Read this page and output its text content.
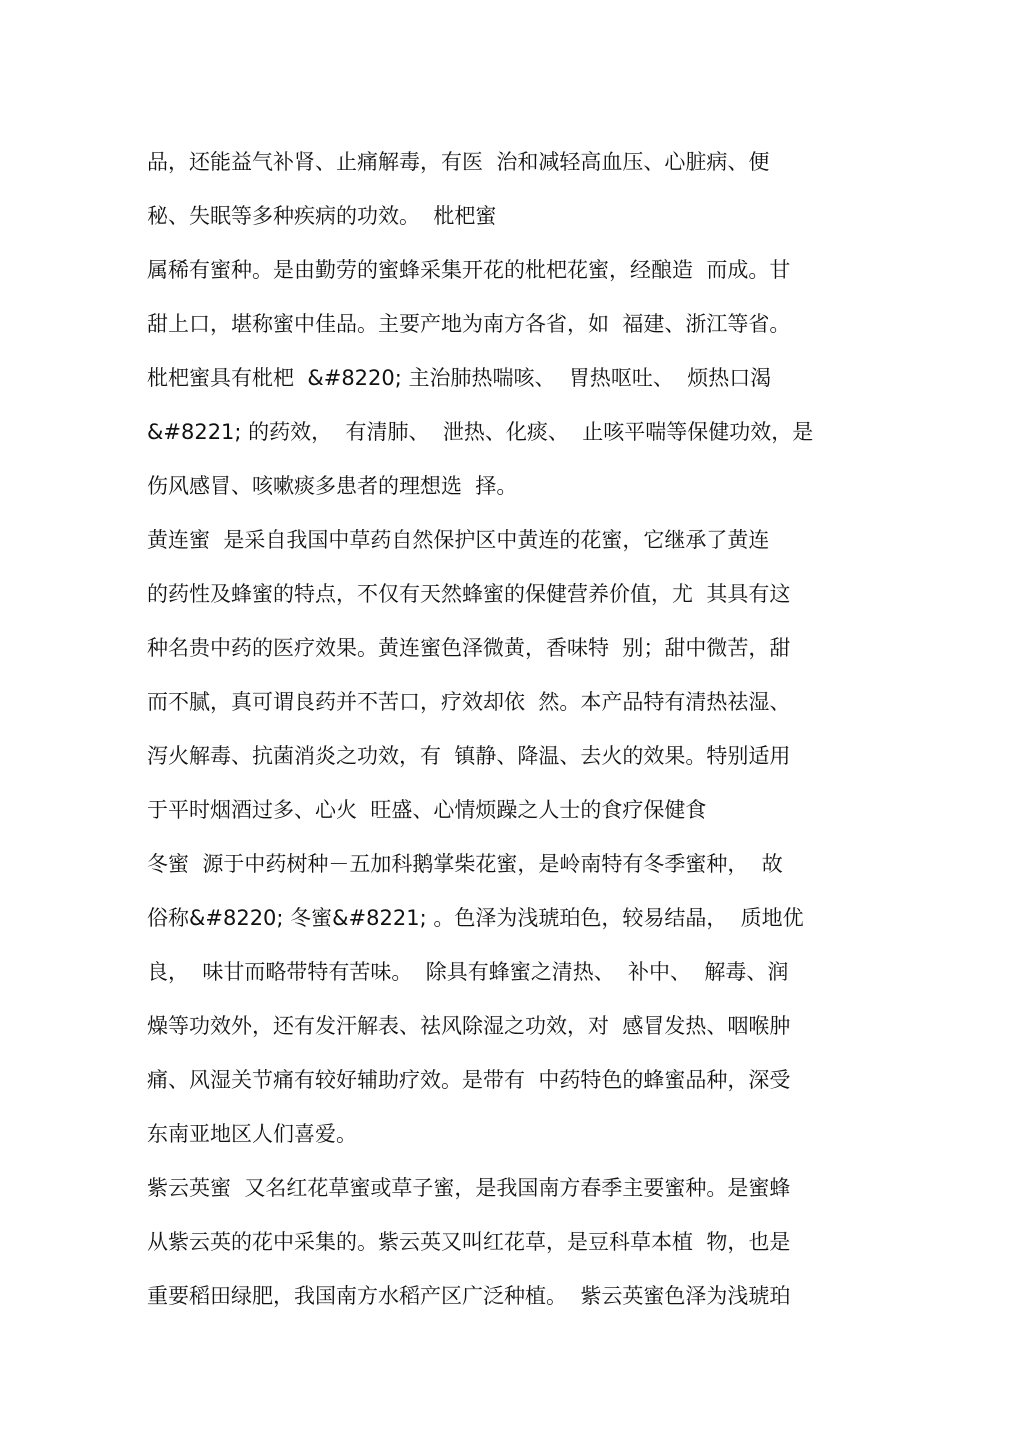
品，还能益气补肾、止痛解毒，有医  治和减轻高血压、心脏病、便
秘、失眠等多种疾病的功效。  枇杷蜜
属稀有蜜种。是由勤劳的蜜蜂采集开花的枇杷花蜜，经酿造  而成。甘
甜上口，堪称蜜中佳品。主要产地为南方各省，如  福建、浙江等省。
枇杷蜜具有枇杷  &#8220; 主治肺热喘咳、  胃热呕吐、  烦热口渴
&#8221; 的药效，  有清肺、  泄热、化痰、  止咳平喘等保健功效，是
伤风感冒、咳嗽痰多患者的理想选  择。
黄连蜜  是采自我国中草药自然保护区中黄连的花蜜，它继承了黄连
的药性及蜂蜜的特点，不仅有天然蜂蜜的保健营养价值，尤  其具有这
种名贵中药的医疗效果。黄连蜜色泽微黄，香味特  别；甜中微苦，甜
而不腻，真可谓良药并不苦口，疗效却依  然。本产品特有清热祛湿、
泻火解毒、抗菌消炎之功效，有  镇静、降温、去火的效果。特别适用
于平时烟酒过多、心火  旺盛、心情烦躁之人士的食疗保健食
冬蜜  源于中药树种－五加科鹅掌柴花蜜，是岭南特有冬季蜜种，  故
俗称&#8220; 冬蜜&#8221; 。色泽为浅琥珀色，较易结晶，  质地优
良，  味甘而略带特有苦味。  除具有蜂蜜之清热、  补中、  解毒、润
燥等功效外，还有发汗解表、祛风除湿之功效，对  感冒发热、咽喉肿
痛、风湿关节痛有较好辅助疗效。是带有  中药特色的蜂蜜品种，深受
东南亚地区人们喜爱。
紫云英蜜  又名红花草蜜或草子蜜，是我国南方春季主要蜜种。是蜜蜂
从紫云英的花中采集的。紫云英又叫红花草，是豆科草本植  物，也是
重要稻田绿肥，我国南方水稻产区广泛种植。  紫云英蜜色泽为浅琥珀
